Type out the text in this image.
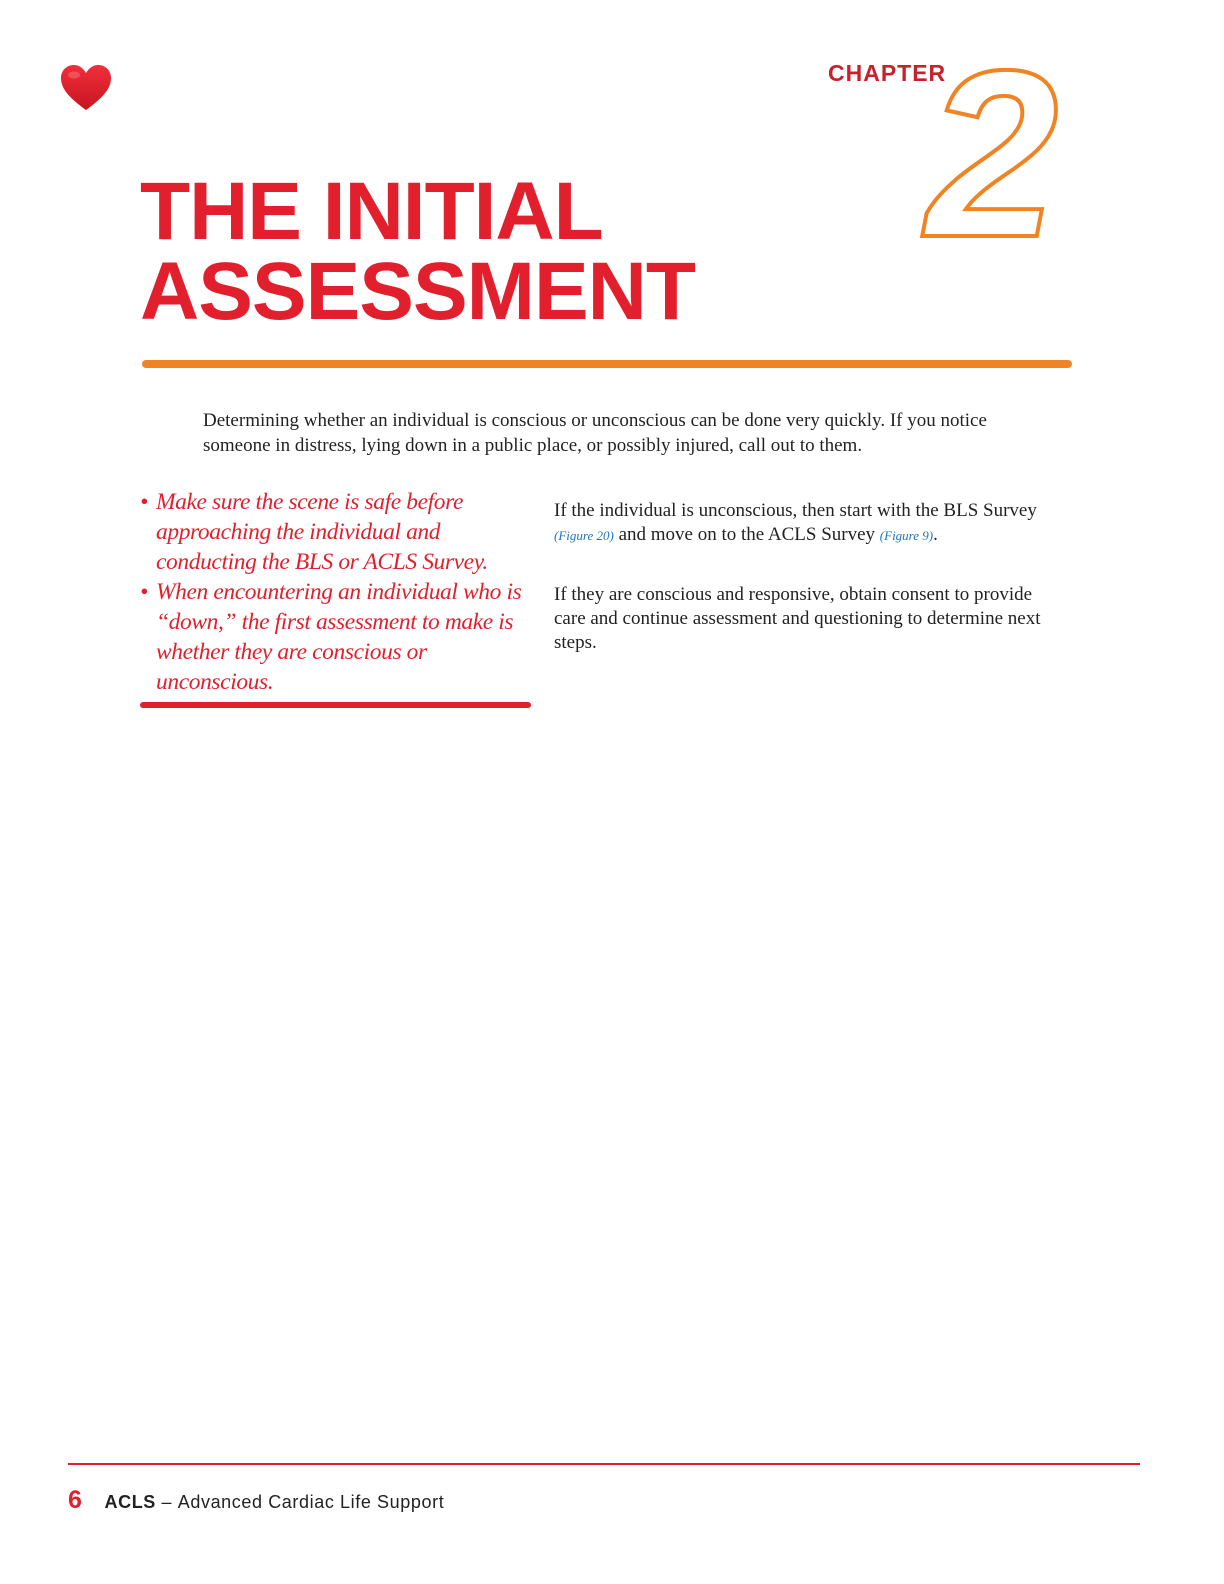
CHAPTER
2
THE INITIAL
ASSESSMENT
Determining whether an individual is conscious or unconscious can be done very quickly. If you notice someone in distress, lying down in a public place, or possibly injured, call out to them.
• Make sure the scene is safe before approaching the individual and conducting the BLS or ACLS Survey.
• When encountering an individual who is “down,” the first assessment to make is whether they are conscious or unconscious.

If the individual is unconscious, then start with the BLS Survey (Figure 20) and move on to the ACLS Survey (Figure 9).

If they are conscious and responsive, obtain consent to provide care and continue assessment and questioning to determine next steps.

6 ACLS – Advanced Cardiac Life Support
